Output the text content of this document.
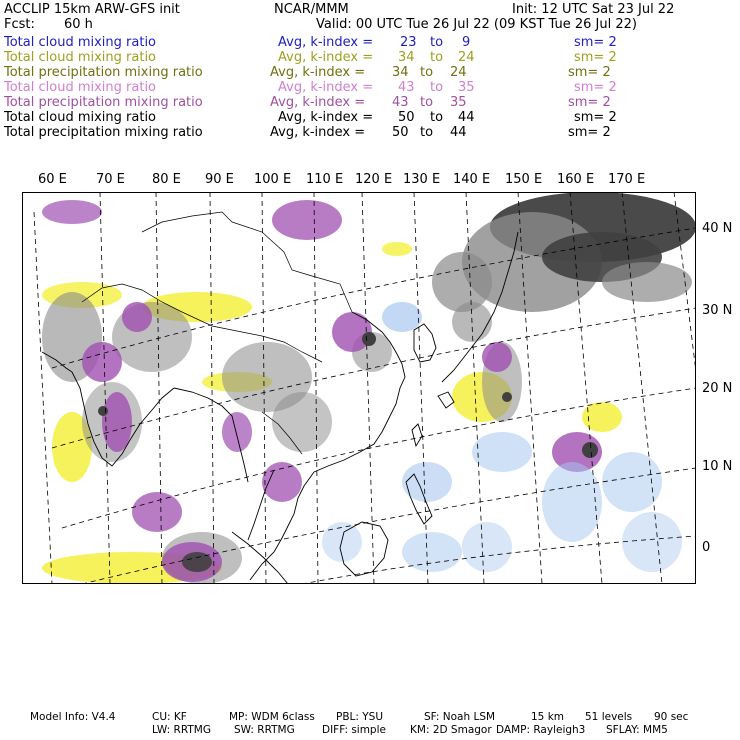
ACCLIP 15km ARW-GFS init	NCAR/MMM	Init: 12 UTC Sat 23 Jul 22
Fcst: 60 h	Valid: 00 UTC Tue 26 Jul 22 (09 KST Tue 26 Jul 22)
Total cloud mixing ratio	Avg, k-index = 23 to 9	sm= 2
Total cloud mixing ratio	Avg, k-index = 34 to 24	sm= 2
Total precipitation mixing ratio	Avg, k-index = 34 to 24	sm= 2
Total cloud mixing ratio	Avg, k-index = 43 to 35	sm= 2
Total precipitation mixing ratio	Avg, k-index = 43 to 35	sm= 2
Total cloud mixing ratio	Avg, k-index = 50 to 44	sm= 2
Total precipitation mixing ratio	Avg, k-index = 50 to 44	sm= 2
60 E 70 E 80 E 90 E 100 E 110 E 120 E 130 E 140 E 150 E 160 E 170 E
40 N
30 N
20 N
10 N
0
Model Info: V4.4	CU: KF	MP: WDM 6class PBL: YSU	SF: Noah LSM	15 km 51 levels 90 sec
LW: RRTMG SW: RRTMG	DIFF: simple KM: 2D Smagor DAMP: Rayleigh3 SFLAY: MM5
